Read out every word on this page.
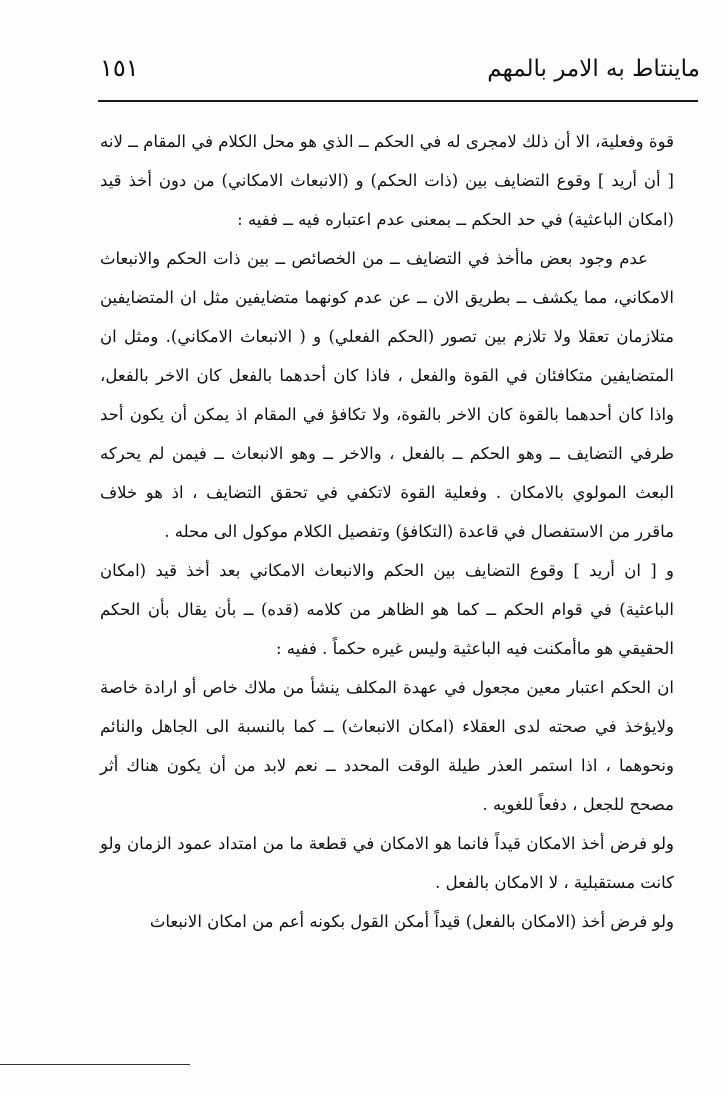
ماينتاط به الامر بالمهم
١٥١

قوة وفعلية، الا أن ذلك لامجرى له في الحكم ــ الذي هو محل الكلام في المقام ــ لانه [ أن أريد ] وقوع التضايف بين (ذات الحكم) و (الانبعاث الامكاني) من دون أخذ قيد (امكان الباعثية) في حد الحكم ــ بمعنى عدم اعتباره فيه ــ ففيه :

عدم وجود بعض ماأخذ في التضايف ــ من الخصائص ــ بين ذات الحكم والانبعاث الامكاني، مما يكشف ــ بطريق الان ــ عن عدم كونهما متضايفين مثل ان المتضايفين متلازمان تعقلا ولا تلازم بين تصور (الحكم الفعلي) و ( الانبعاث الامكاني). ومثل ان المتضايفين متكافئان في القوة والفعل ، فاذا كان أحدهما بالفعل كان الاخر بالفعل، واذا كان أحدهما بالقوة كان الاخر بالقوة، ولا تكافؤ في المقام اذ يمكن أن يكون أحد طرفي التضايف ــ وهو الحكم ــ بالفعل ، والاخر ــ وهو الانبعاث ــ فيمن لم يحركه البعث المولوي بالامكان . وفعلية القوة لاتكفي في تحقق التضايف ، اذ هو خلاف ماقرر من الاستفصال في قاعدة (التكافؤ) وتفصيل الكلام موكول الى محله .

و [ ان أريد ] وقوع التضايف بين الحكم والانبعاث الامكاني بعد أخذ قيد (امكان الباعثية) في قوام الحكم ــ كما هو الظاهر من كلامه (قده) ــ بأن يقال بأن الحكم الحقيقي هو ماأمكنت فيه الباعثية وليس غيره حكماً . ففيه :

ان الحكم اعتبار معين مجعول في عهدة المكلف ينشأ من ملاك خاص أو ارادة خاصة ولايؤخذ في صحته لدى العقلاء (امكان الانبعاث) ــ كما بالنسبة الى الجاهل والنائم ونحوهما ، اذا استمر العذر طيلة الوقت المحدد ــ نعم لابد من أن يكون هناك أثر مصحح للجعل ، دفعاً للغويه .

ولو فرض أخذ الامكان قيداً فانما هو الامكان في قطعة ما من امتداد عمود الزمان ولو كانت مستقبلية ، لا الامكان بالفعل .

ولو فرض أخذ (الامكان بالفعل) قيداً أمكن القول بكونه أعم من امكان الانبعاث
